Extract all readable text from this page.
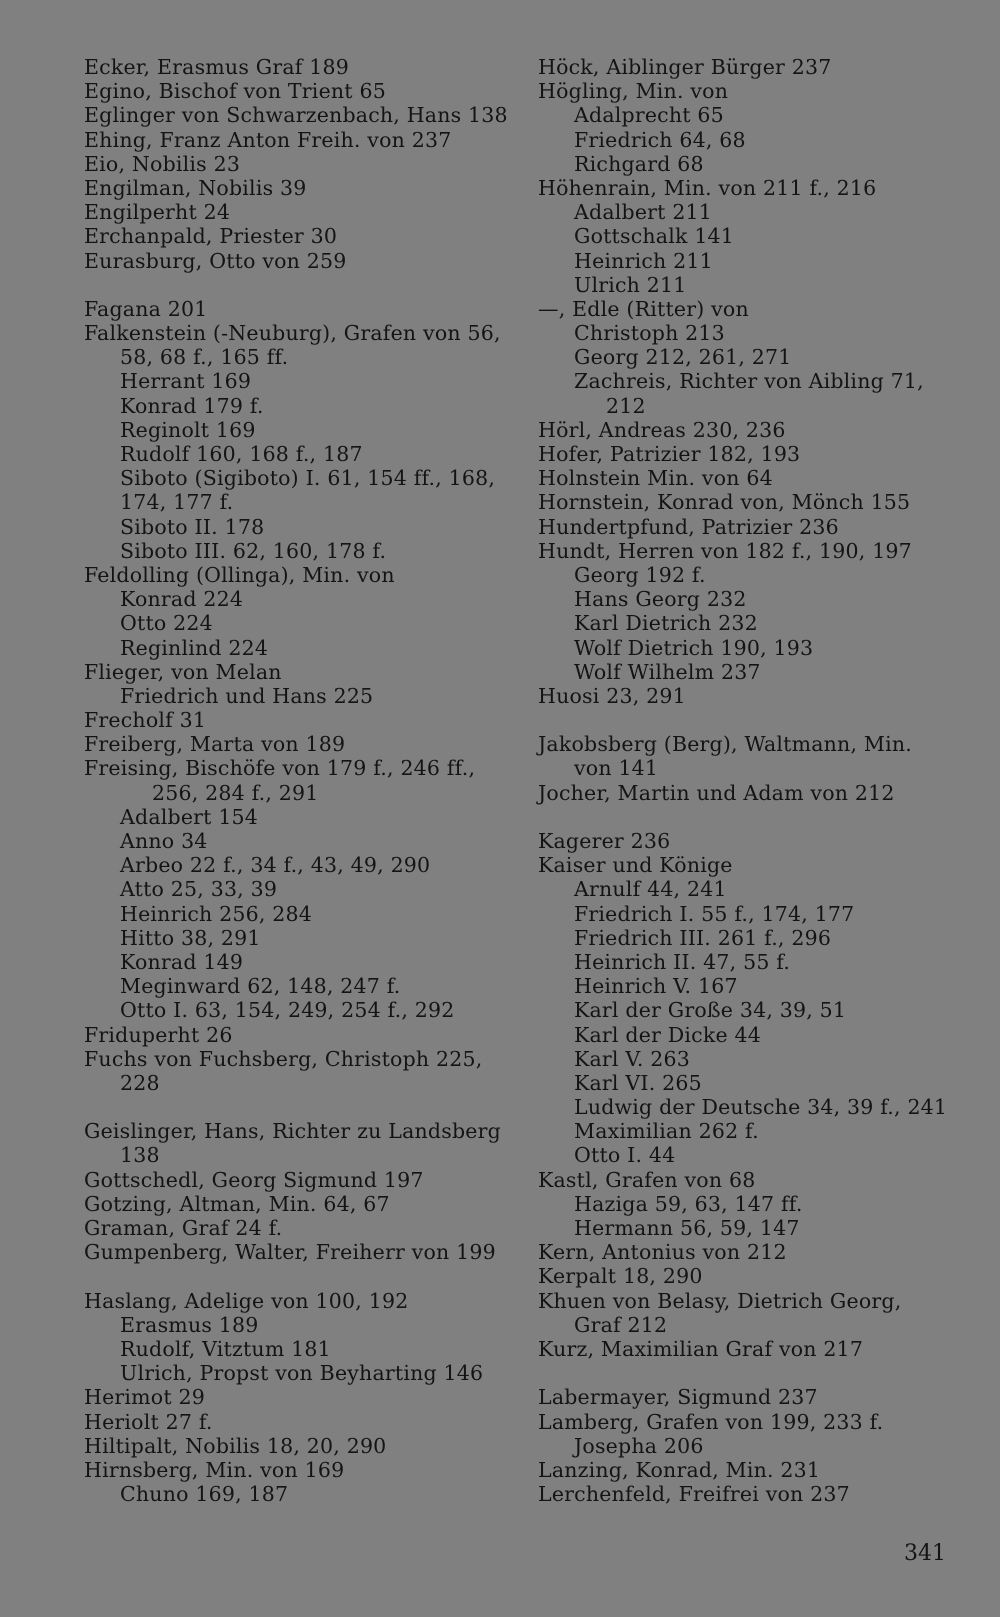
Ecker, Erasmus Graf 189
Egino, Bischof von Trient 65
Eglinger von Schwarzenbach, Hans 138
Ehing, Franz Anton Freih. von 237
Eio, Nobilis 23
Engilman, Nobilis 39
Engilperht 24
Erchanpald, Priester 30
Eurasburg, Otto von 259
Fagana 201
Falkenstein (-Neuburg), Grafen von 56,
58, 68 f., 165 ff.
Herrant 169
Konrad 179 f.
Reginolt 169
Rudolf 160, 168 f., 187
Siboto (Sigiboto) I. 61, 154 ff., 168,
174, 177 f.
Siboto II. 178
Siboto III. 62, 160, 178 f.
Feldolling (Ollinga), Min. von
Konrad 224
Otto 224
Reginlind 224
Flieger, von Melan
Friedrich und Hans 225
Frecholf 31
Freiberg, Marta von 189
Freising, Bischöfe von 179 f., 246 ff.,
256, 284 f., 291
Adalbert 154
Anno 34
Arbeo 22 f., 34 f., 43, 49, 290
Atto 25, 33, 39
Heinrich 256, 284
Hitto 38, 291
Konrad 149
Meginward 62, 148, 247 f.
Otto I. 63, 154, 249, 254 f., 292
Friduperht 26
Fuchs von Fuchsberg, Christoph 225,
228
Geislinger, Hans, Richter zu Landsberg
138
Gottschedl, Georg Sigmund 197
Gotzing, Altman, Min. 64, 67
Graman, Graf 24 f.
Gumpenberg, Walter, Freiherr von 199
Haslang, Adelige von 100, 192
Erasmus 189
Rudolf, Vitztum 181
Ulrich, Propst von Beyharting 146
Herimot 29
Heriolt 27 f.
Hiltipalt, Nobilis 18, 20, 290
Hirnsberg, Min. von 169
Chuno 169, 187
Höck, Aiblinger Bürger 237
Högling, Min. von
Adalprecht 65
Friedrich 64, 68
Richgard 68
Höhenrain, Min. von 211 f., 216
Adalbert 211
Gottschalk 141
Heinrich 211
Ulrich 211
—, Edle (Ritter) von
Christoph 213
Georg 212, 261, 271
Zachreis, Richter von Aibling 71,
212
Hörl, Andreas 230, 236
Hofer, Patrizier 182, 193
Holnstein Min. von 64
Hornstein, Konrad von, Mönch 155
Hundertpfund, Patrizier 236
Hundt, Herren von 182 f., 190, 197
Georg 192 f.
Hans Georg 232
Karl Dietrich 232
Wolf Dietrich 190, 193
Wolf Wilhelm 237
Huosi 23, 291
Jakobsberg (Berg), Waltmann, Min.
von 141
Jocher, Martin und Adam von 212
Kagerer 236
Kaiser und Könige
Arnulf 44, 241
Friedrich I. 55 f., 174, 177
Friedrich III. 261 f., 296
Heinrich II. 47, 55 f.
Heinrich V. 167
Karl der Große 34, 39, 51
Karl der Dicke 44
Karl V. 263
Karl VI. 265
Ludwig der Deutsche 34, 39 f., 241
Maximilian 262 f.
Otto I. 44
Kastl, Grafen von 68
Haziga 59, 63, 147 ff.
Hermann 56, 59, 147
Kern, Antonius von 212
Kerpalt 18, 290
Khuen von Belasy, Dietrich Georg,
Graf 212
Kurz, Maximilian Graf von 217
Labermayer, Sigmund 237
Lamberg, Grafen von 199, 233 f.
Josepha 206
Lanzing, Konrad, Min. 231
Lerchenfeld, Freifrei von 237
341
